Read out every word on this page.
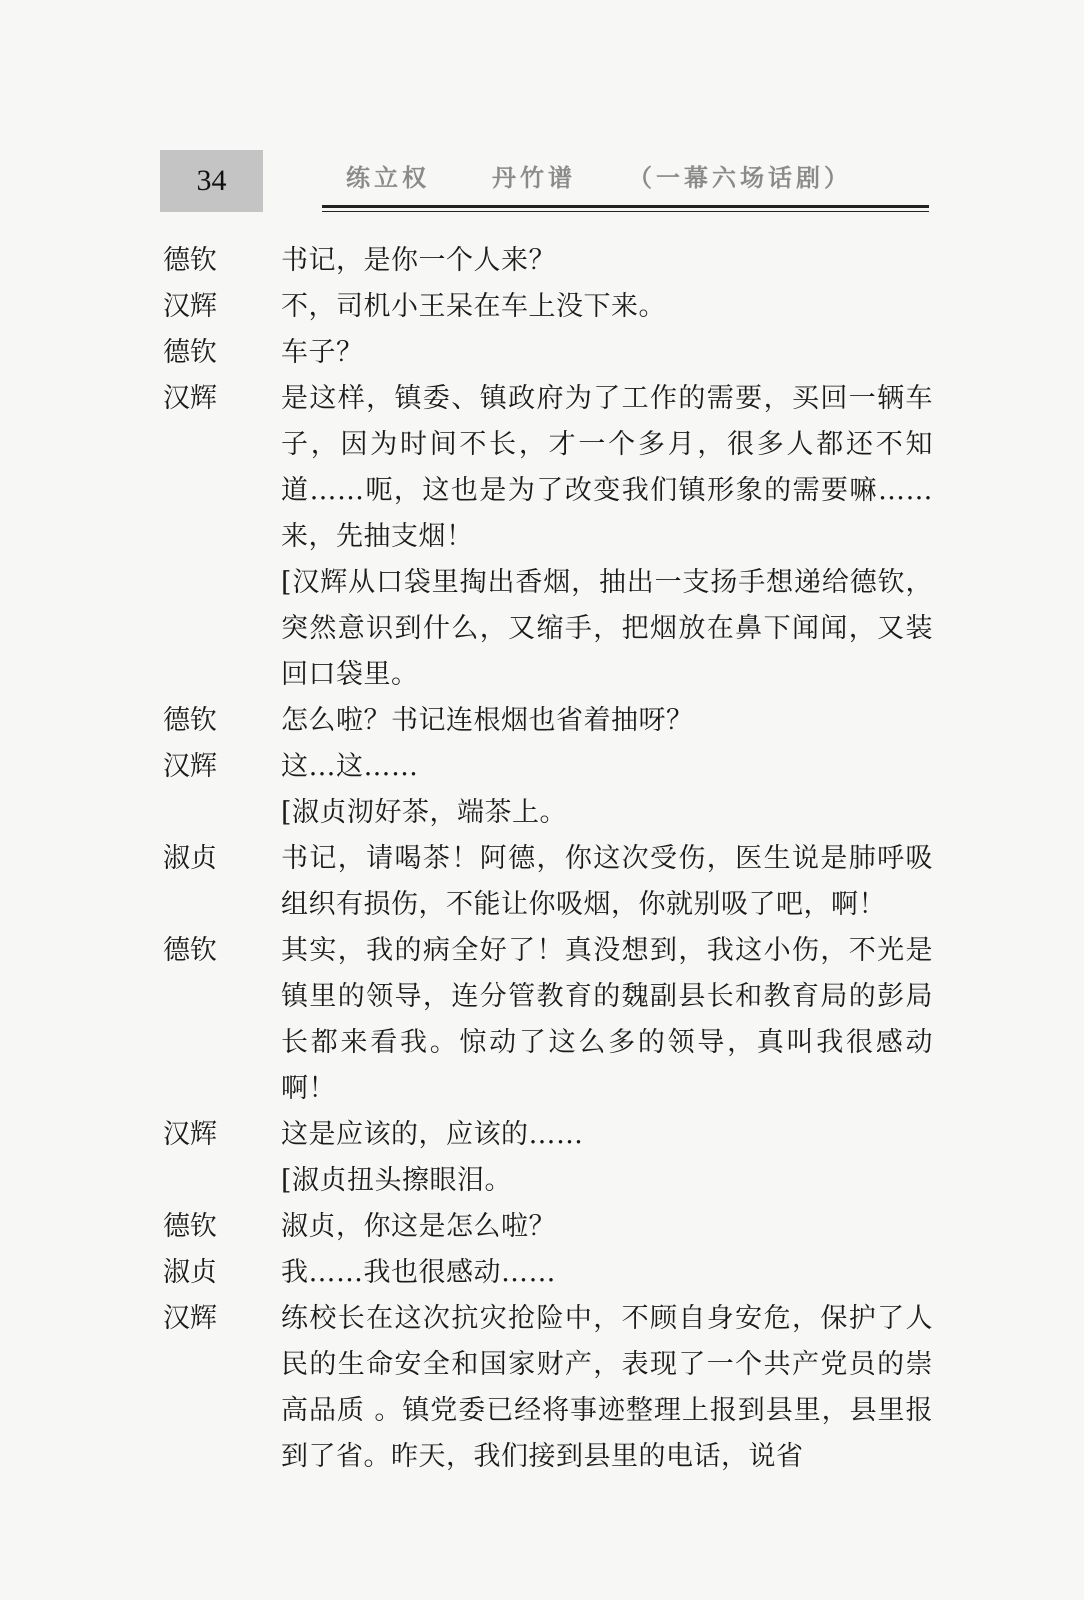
34	练立权	丹竹谱 （一幕六场话剧）
德钦	书记，是你一个人来？
汉辉	不，司机小王呆在车上没下来。
德钦	车子？
汉辉	是这样，镇委、镇政府为了工作的需要，买回一辆车子，因为时间不长，才一个多月，很多人都还不知道……呃，这也是为了改变我们镇形象的需要嘛……来，先抽支烟！
[汉辉从口袋里掏出香烟，抽出一支扬手想递给德钦，突然意识到什么，又缩手，把烟放在鼻下闻闻，又装回口袋里。
德钦	怎么啦？书记连根烟也省着抽呀？
汉辉	这…这……
[淑贞沏好茶，端茶上。
淑贞	书记，请喝茶！阿德，你这次受伤，医生说是肺呼吸组织有损伤，不能让你吸烟，你就别吸了吧，啊！
德钦	其实，我的病全好了！真没想到，我这小伤，不光是镇里的领导，连分管教育的魏副县长和教育局的彭局长都来看我。惊动了这么多的领导，真叫我很感动啊！
汉辉	这是应该的，应该的……
[淑贞扭头擦眼泪。
德钦	淑贞，你这是怎么啦？
淑贞	我……我也很感动……
汉辉	练校长在这次抗灾抢险中，不顾自身安危，保护了人民的生命安全和国家财产，表现了一个共产党员的崇高品质 。镇党委已经将事迹整理上报到县里，县里报到了省。昨天，我们接到县里的电话，说省
